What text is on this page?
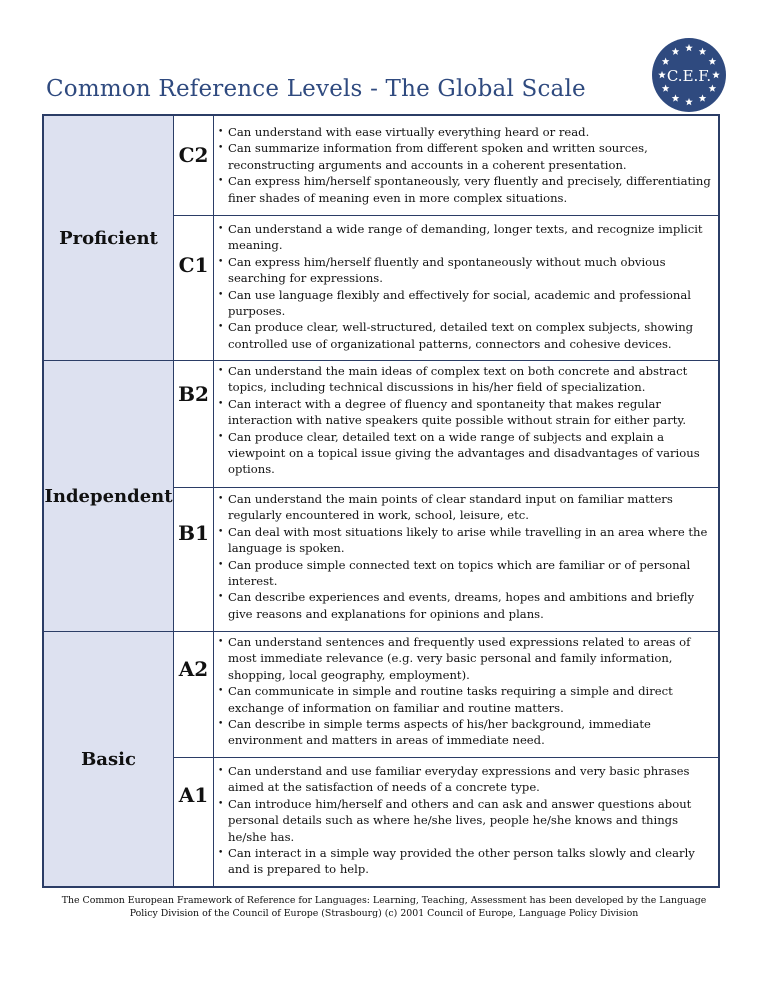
Common Reference Levels - The Global Scale	C.E.F.
Proficient
C2
• Can understand with ease virtually everything heard or read.
• Can summarize information from different spoken and written sources, reconstructing arguments and accounts in a coherent presentation.
• Can express him/herself spontaneously, very fluently and precisely, differentiating finer shades of meaning even in more complex situations.
C1
• Can understand a wide range of demanding, longer texts, and recognize implicit meaning.
• Can express him/herself fluently and spontaneously without much obvious searching for expressions.
• Can use language flexibly and effectively for social, academic and professional purposes.
• Can produce clear, well-structured, detailed text on complex subjects, showing controlled use of organizational patterns, connectors and cohesive devices.
Independent
B2
• Can understand the main ideas of complex text on both concrete and abstract topics, including technical discussions in his/her field of specialization.
• Can interact with a degree of fluency and spontaneity that makes regular interaction with native speakers quite possible without strain for either party.
• Can produce clear, detailed text on a wide range of subjects and explain a viewpoint on a topical issue giving the advantages and disadvantages of various options.
B1
• Can understand the main points of clear standard input on familiar matters regularly encountered in work, school, leisure, etc.
• Can deal with most situations likely to arise while travelling in an area where the language is spoken.
• Can produce simple connected text on topics which are familiar or of personal interest.
• Can describe experiences and events, dreams, hopes and ambitions and briefly give reasons and explanations for opinions and plans.
Basic
A2
• Can understand sentences and frequently used expressions related to areas of most immediate relevance (e.g. very basic personal and family information, shopping, local geography, employment).
• Can communicate in simple and routine tasks requiring a simple and direct exchange of information on familiar and routine matters.
• Can describe in simple terms aspects of his/her background, immediate environment and matters in areas of immediate need.
A1
• Can understand and use familiar everyday expressions and very basic phrases aimed at the satisfaction of needs of a concrete type.
• Can introduce him/herself and others and can ask and answer questions about personal details such as where he/she lives, people he/she knows and things he/she has.
• Can interact in a simple way provided the other person talks slowly and clearly and is prepared to help.
The Common European Framework of Reference for Languages: Learning, Teaching, Assessment has been developed by the Language
Policy Division of the Council of Europe (Strasbourg) (c) 2001 Council of Europe, Language Policy Division
